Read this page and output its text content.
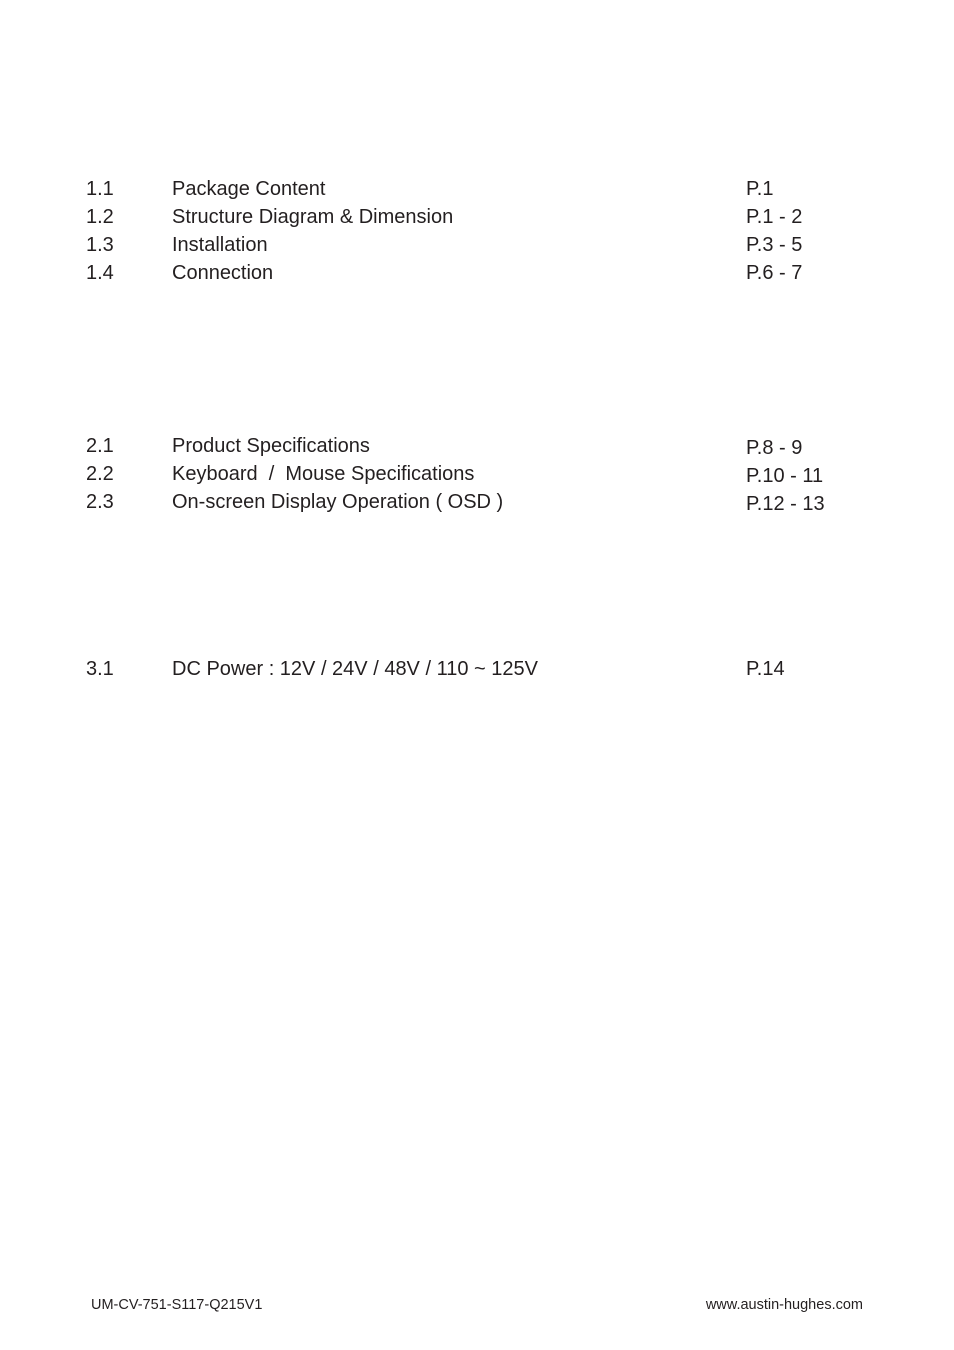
1.1	Package Content	P.1
1.2	Structure Diagram & Dimension	P.1 - 2
1.3	Installation	P.3 - 5
1.4	Connection	P.6 - 7
2.1	Product Specifications	P.8 - 9
2.2	Keyboard  /  Mouse Specifications	P.10 - 11
2.3	On-screen Display Operation ( OSD )	P.12 - 13
3.1	DC Power : 12V / 24V / 48V / 110 ~ 125V	P.14
UM-CV-751-S117-Q215V1	www.austin-hughes.com
